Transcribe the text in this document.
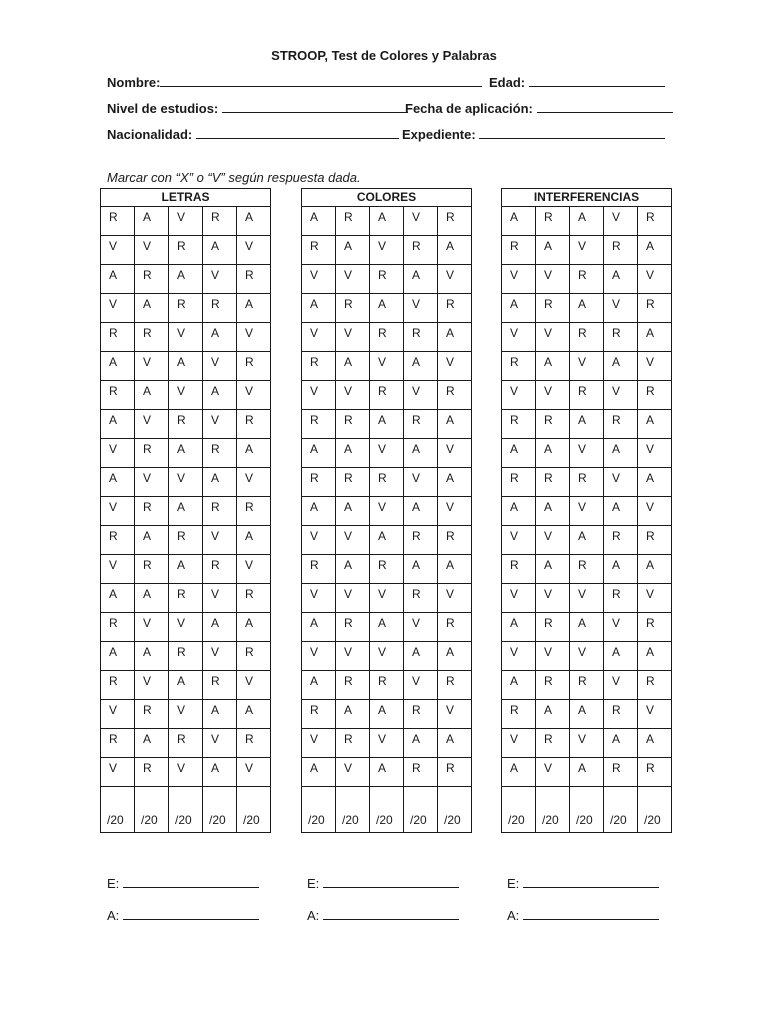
STROOP, Test de Colores y Palabras
Nombre:	Edad:
Nivel de estudios:	Fecha de aplicación:
Nacionalidad:	Expediente:
Marcar con “X” o “V” según respuesta dada.
LETRAS				
R	A	V	R	A
V	V	R	A	V
A	R	A	V	R
V	A	R	R	A
R	R	V	A	V
A	V	A	V	R
R	A	V	A	V
A	V	R	V	R
V	R	A	R	A
A	V	V	A	V
V	R	A	R	R
R	A	R	V	A
V	R	A	R	V
A	A	R	V	R
R	V	V	A	A
A	A	R	V	R
R	V	A	R	V
V	R	V	A	A
R	A	R	V	R
V	R	V	A	V
/20	/20	/20	/20	/20
COLORES				
A	R	A	V	R
R	A	V	R	A
V	V	R	A	V
A	R	A	V	R
V	V	R	R	A
R	A	V	A	V
V	V	R	V	R
R	R	A	R	A
A	A	V	A	V
R	R	R	V	A
A	A	V	A	V
V	V	A	R	R
R	A	R	A	A
V	V	V	R	V
A	R	A	V	R
V	V	V	A	A
A	R	R	V	R
R	A	A	R	V
V	R	V	A	A
A	V	A	R	R
/20	/20	/20	/20	/20
INTERFERENCIAS				
A	R	A	V	R
R	A	V	R	A
V	V	R	A	V
A	R	A	V	R
V	V	R	R	A
R	A	V	A	V
V	V	R	V	R
R	R	A	R	A
A	A	V	A	V
R	R	R	V	A
A	A	V	A	V
V	V	A	R	R
R	A	R	A	A
V	V	V	R	V
A	R	A	V	R
V	V	V	A	A
A	R	R	V	R
R	A	A	R	V
V	R	V	A	A
A	V	A	R	R
/20	/20	/20	/20	/20
E:	E:	E:
A:	A:	A:
